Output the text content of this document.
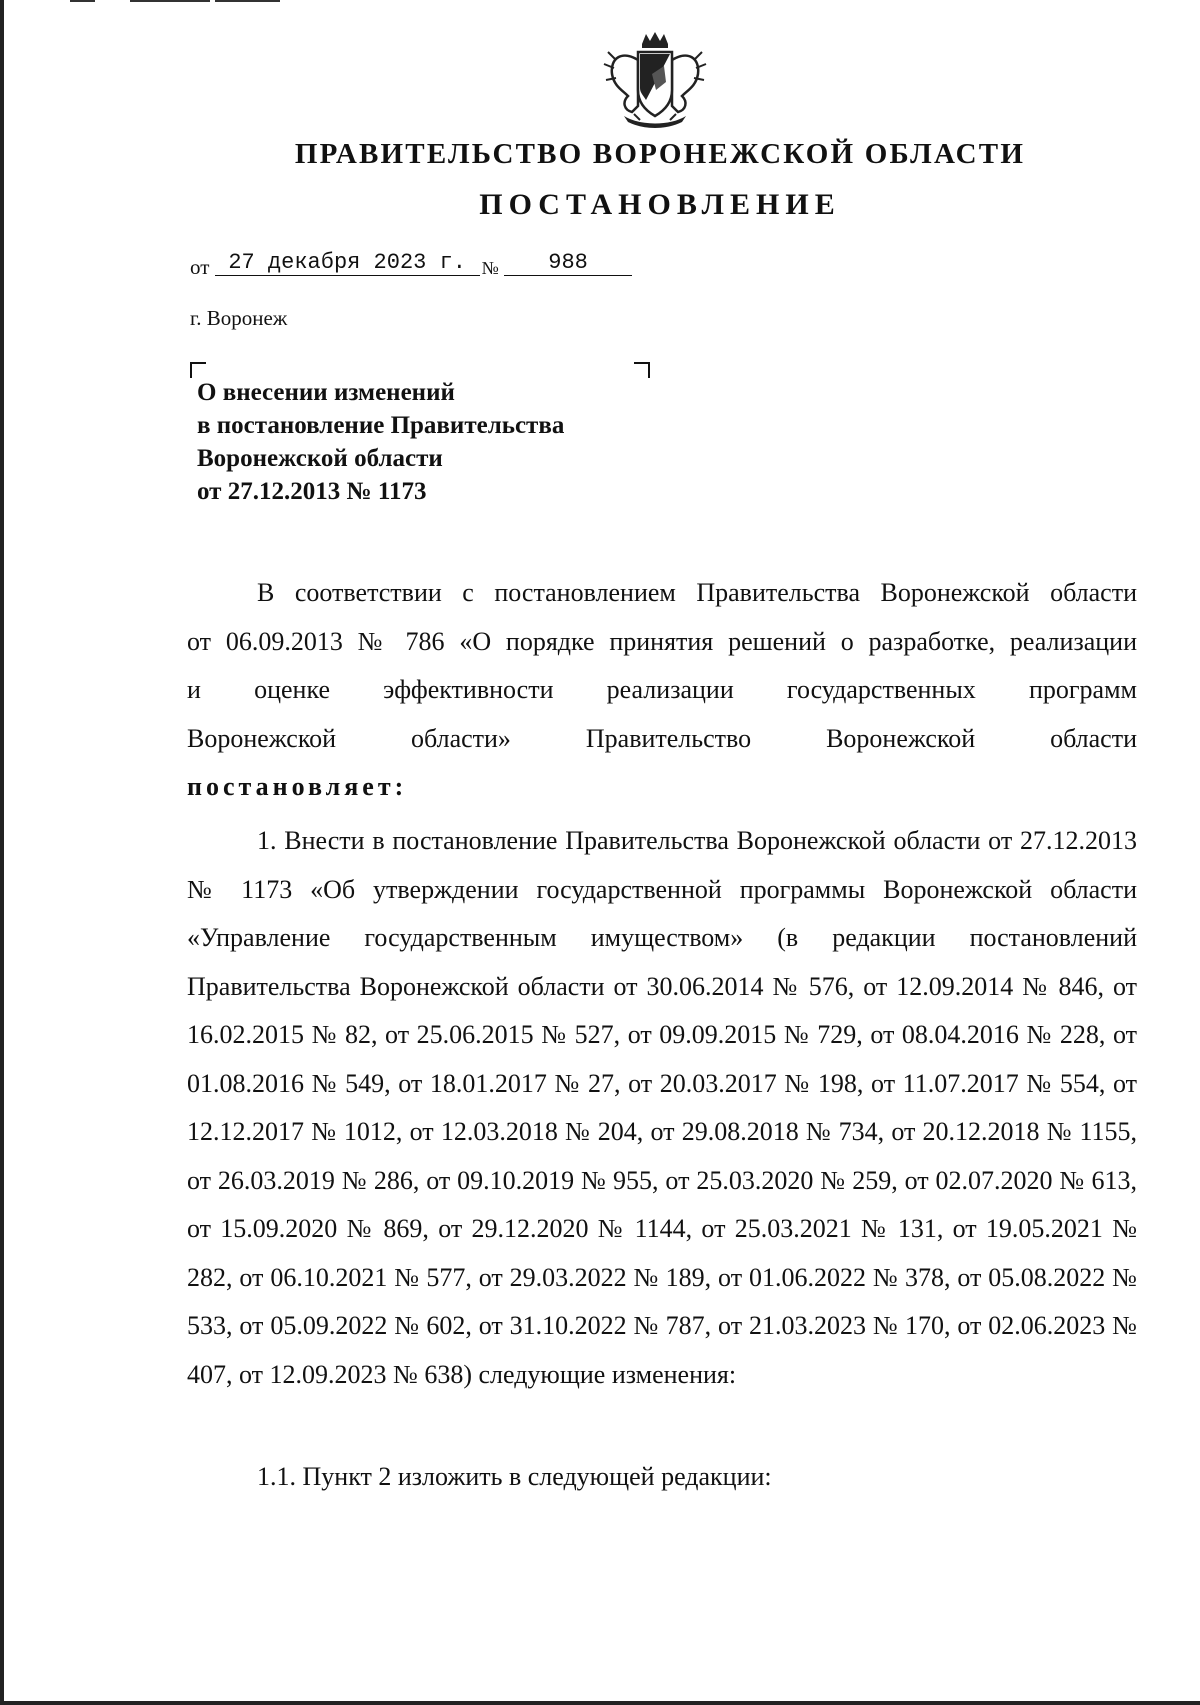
ПРАВИТЕЛЬСТВО ВОРОНЕЖСКОЙ ОБЛАСТИ
ПОСТАНОВЛЕНИЕ
от 27 декабря 2023 г. № 988
г. Воронеж
О внесении изменений
в постановление Правительства
Воронежской области
от 27.12.2013 № 1173
В соответствии с постановлением Правительства Воронежской области
от 06.09.2013 № 786 «О порядке принятия решений о разработке, реализации
и оценке эффективности реализации государственных программ
Воронежской области» Правительство Воронежской области
постановляет:
1. Внести в постановление Правительства Воронежской области от 27.12.2013 № 1173 «Об утверждении государственной программы Воронежской области «Управление государственным имуществом» (в редакции постановлений Правительства Воронежской области от 30.06.2014 № 576, от 12.09.2014 № 846, от 16.02.2015 № 82, от 25.06.2015 № 527, от 09.09.2015 № 729, от 08.04.2016 № 228, от 01.08.2016 № 549, от 18.01.2017 № 27, от 20.03.2017 № 198, от 11.07.2017 № 554, от 12.12.2017 № 1012, от 12.03.2018 № 204, от 29.08.2018 № 734, от 20.12.2018 № 1155, от 26.03.2019 № 286, от 09.10.2019 № 955, от 25.03.2020 № 259, от 02.07.2020 № 613, от 15.09.2020 № 869, от 29.12.2020 № 1144, от 25.03.2021 № 131, от 19.05.2021 № 282, от 06.10.2021 № 577, от 29.03.2022 № 189, от 01.06.2022 № 378, от 05.08.2022 № 533, от 05.09.2022 № 602, от 31.10.2022 № 787, от 21.03.2023 № 170, от 02.06.2023 № 407, от 12.09.2023 № 638) следующие изменения:
1.1. Пункт 2 изложить в следующей редакции:
